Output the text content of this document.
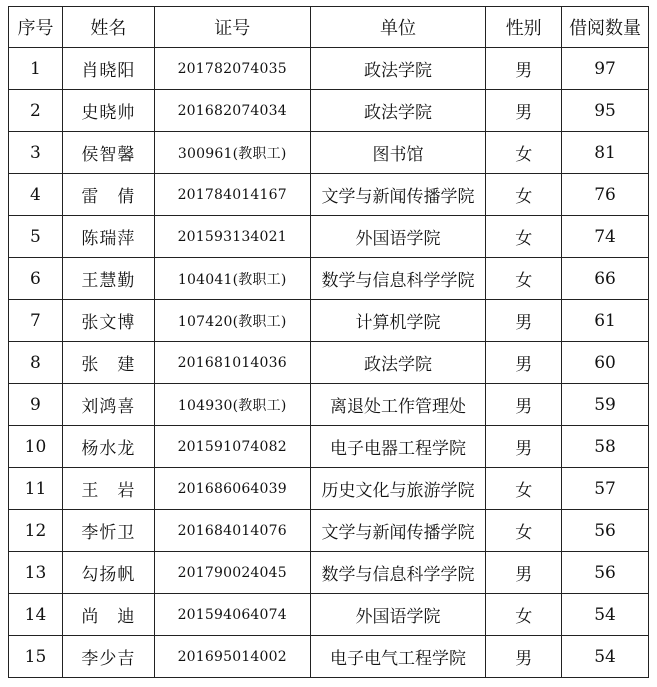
序号	姓名	证号	单位	性别	借阅数量
1	肖晓阳	201782074035	政法学院	男	97
2	史晓帅	201682074034	政法学院	男	95
3	侯智馨	300961(教职工)	图书馆	女	81
4	雷　倩	201784014167	文学与新闻传播学院	女	76
5	陈瑞萍	201593134021	外国语学院	女	74
6	王慧勤	104041(教职工)	数学与信息科学学院	女	66
7	张文博	107420(教职工)	计算机学院	男	61
8	张　建	201681014036	政法学院	男	60
9	刘鸿喜	104930(教职工)	离退处工作管理处	男	59
10	杨水龙	201591074082	电子电器工程学院	男	58
11	王　岩	201686064039	历史文化与旅游学院	女	57
12	李忻卫	201684014076	文学与新闻传播学院	女	56
13	勾扬帆	201790024045	数学与信息科学学院	男	56
14	尚　迪	201594064074	外国语学院	女	54
15	李少吉	201695014002	电子电气工程学院	男	54
